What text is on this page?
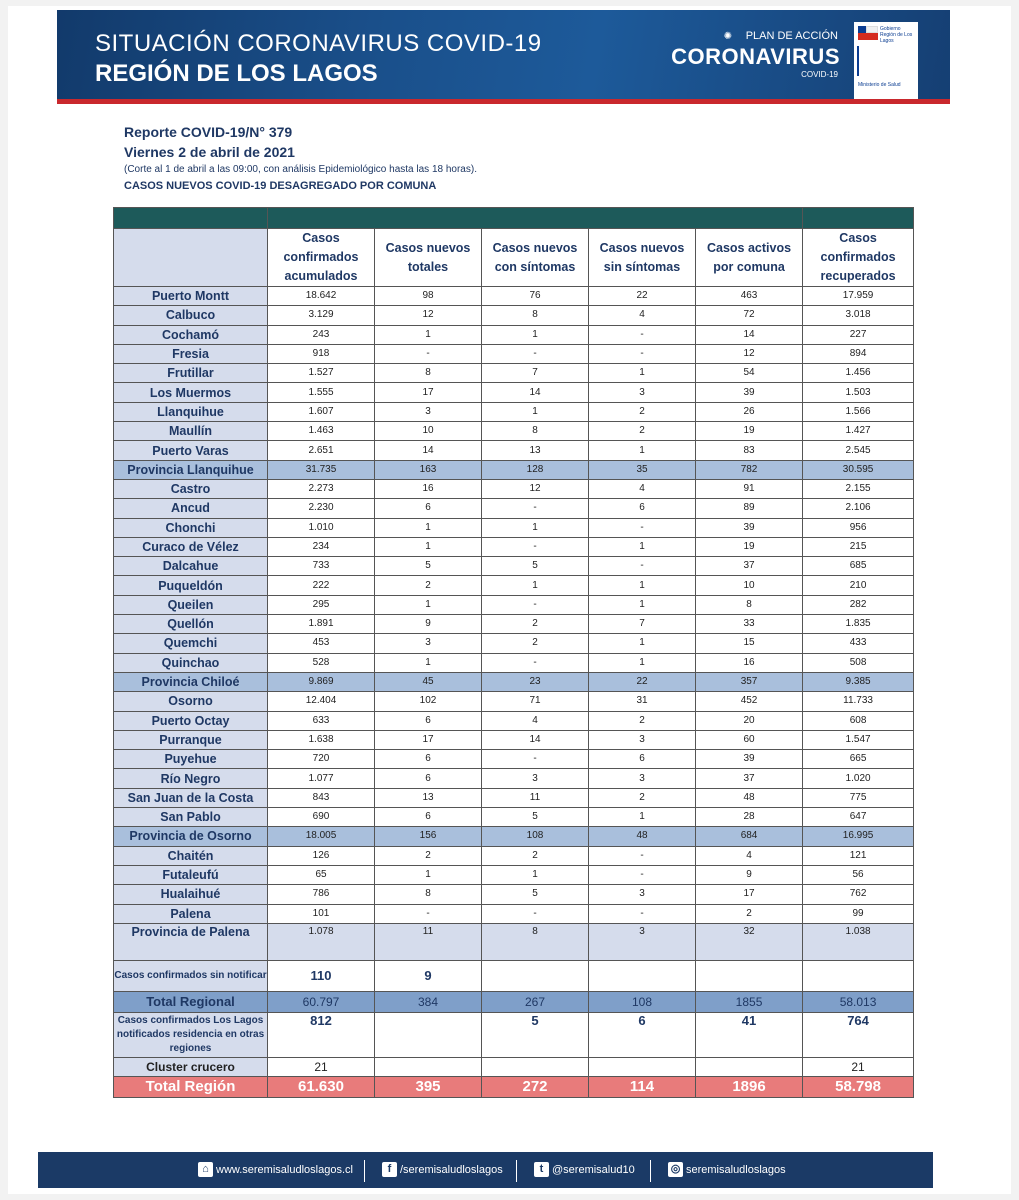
SITUACIÓN CORONAVIRUS COVID-19
REGIÓN DE LOS LAGOS
✺ PLAN DE ACCIÓN
CORONAVIRUS
COVID-19
Gobierno Región de Los Lagos
Ministerio de Salud
Reporte COVID-19/N° 379
Viernes 2 de abril de 2021
(Corte al 1 de abril a las 09:00, con análisis Epidemiológico hasta las 18 horas).
CASOS NUEVOS COVID-19 DESAGREGADO POR COMUNA

	Casos confirmados acumulados	Casos nuevos totales	Casos nuevos con síntomas	Casos nuevos sin síntomas	Casos activos por comuna	Casos confirmados recuperados
Puerto Montt	18.642	98	76	22	463	17.959
Calbuco	3.129	12	8	4	72	3.018
Cochamó	243	1	1	-	14	227
Fresia	918	-	-	-	12	894
Frutillar	1.527	8	7	1	54	1.456
Los Muermos	1.555	17	14	3	39	1.503
Llanquihue	1.607	3	1	2	26	1.566
Maullín	1.463	10	8	2	19	1.427
Puerto Varas	2.651	14	13	1	83	2.545
Provincia Llanquihue	31.735	163	128	35	782	30.595
Castro	2.273	16	12	4	91	2.155
Ancud	2.230	6	-	6	89	2.106
Chonchi	1.010	1	1	-	39	956
Curaco de Vélez	234	1	-	1	19	215
Dalcahue	733	5	5	-	37	685
Puqueldón	222	2	1	1	10	210
Queilen	295	1	-	1	8	282
Quellón	1.891	9	2	7	33	1.835
Quemchi	453	3	2	1	15	433
Quinchao	528	1	-	1	16	508
Provincia Chiloé	9.869	45	23	22	357	9.385
Osorno	12.404	102	71	31	452	11.733
Puerto Octay	633	6	4	2	20	608
Purranque	1.638	17	14	3	60	1.547
Puyehue	720	6	-	6	39	665
Río Negro	1.077	6	3	3	37	1.020
San Juan de la Costa	843	13	11	2	48	775
San Pablo	690	6	5	1	28	647
Provincia de Osorno	18.005	156	108	48	684	16.995
Chaitén	126	2	2	-	4	121
Futaleufú	65	1	1	-	9	56
Hualaihué	786	8	5	3	17	762
Palena	101	-	-	-	2	99
Provincia de Palena	1.078	11	8	3	32	1.038
Casos confirmados sin notificar	110	9				
Total Regional	60.797	384	267	108	1855	58.013
Casos confirmados Los Lagos notificados residencia en otras regiones	812		5	6	41	764
Cluster crucero	21					21
Total Región	61.630	395	272	114	1896	58.798
⌂ www.seremisaludloslagos.cl	f /seremisaludloslagos	t @seremisalud10	◎ seremisaludloslagos
